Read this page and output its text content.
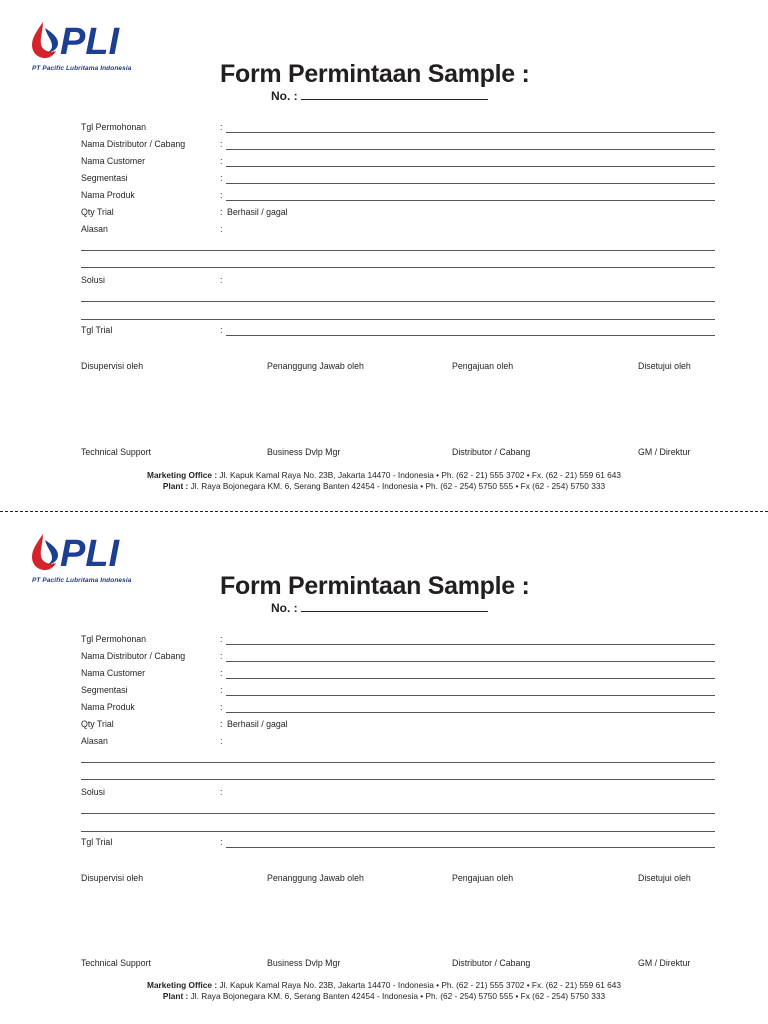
PLI
PT Pacific Lubritama Indonesia	Form Permintaan Sample :
No. :
Tgl Permohonan	:
Nama Distributor / Cabang	:
Nama Customer	:
Segmentasi	:
Nama Produk	:
Qty Trial	: Berhasil / gagal
Alasan	:
Solusi	:
Tgl Trial	:
Disupervisi oleh	Penanggung Jawab oleh	Pengajuan oleh	Disetujui oleh
Technical Support	Business Dvlp Mgr	Distributor / Cabang	GM / Direktur
Marketing Office : Jl. Kapuk Kamal Raya No. 23B, Jakarta 14470 - Indonesia • Ph. (62 - 21) 555 3702 • Fx. (62 - 21) 559 61 643
Plant : Jl. Raya Bojonegara KM. 6, Serang Banten 42454 - Indonesia • Ph. (62 - 254) 5750 555 • Fx (62 - 254) 5750 333
PLI
PT Pacific Lubritama Indonesia	Form Permintaan Sample :
No. :
Tgl Permohonan	:
Nama Distributor / Cabang	:
Nama Customer	:
Segmentasi	:
Nama Produk	:
Qty Trial	: Berhasil / gagal
Alasan	:
Solusi	:
Tgl Trial	:
Disupervisi oleh	Penanggung Jawab oleh	Pengajuan oleh	Disetujui oleh
Technical Support	Business Dvlp Mgr	Distributor / Cabang	GM / Direktur
Marketing Office : Jl. Kapuk Kamal Raya No. 23B, Jakarta 14470 - Indonesia • Ph. (62 - 21) 555 3702 • Fx. (62 - 21) 559 61 643
Plant : Jl. Raya Bojonegara KM. 6, Serang Banten 42454 - Indonesia • Ph. (62 - 254) 5750 555 • Fx (62 - 254) 5750 333
